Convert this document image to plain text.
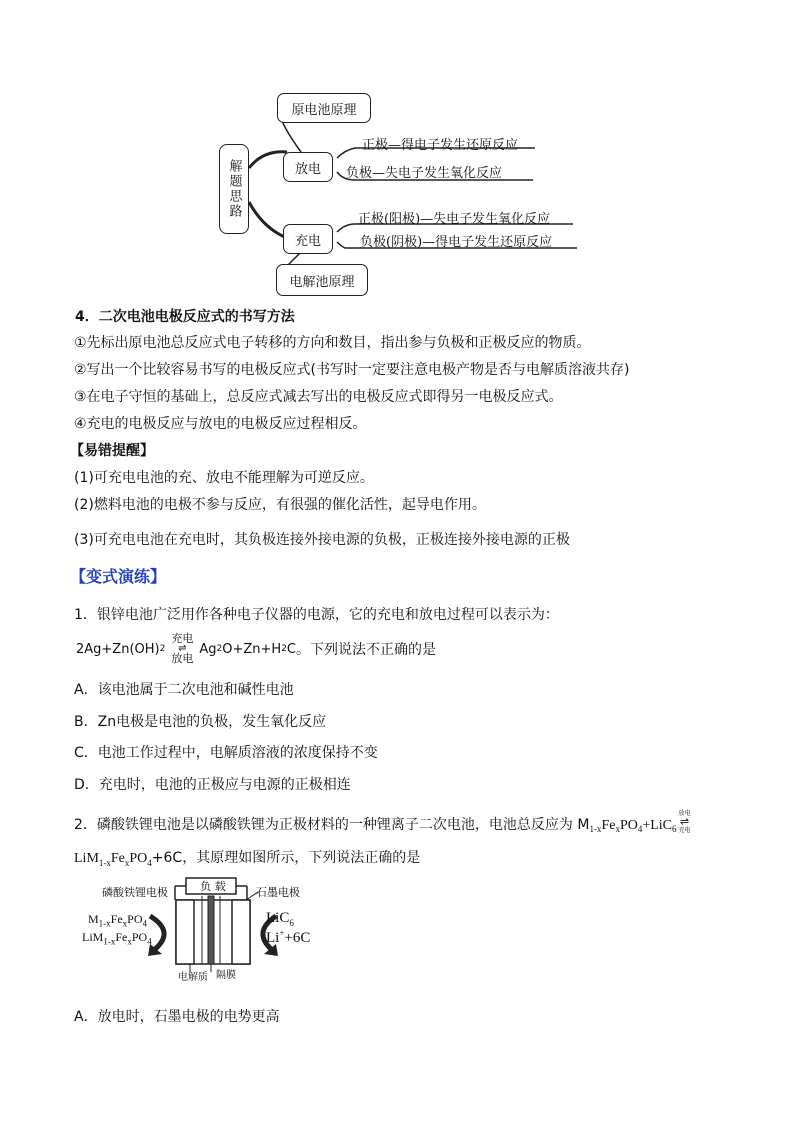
解题思路
原电池原理
放电
充电
电解池原理
正极—得电子发生还原反应
负极—失电子发生氧化反应
正极(阳极)—失电子发生氧化反应
负极(阴极)—得电子发生还原反应
4．二次电池电极反应式的书写方法
①先标出原电池总反应式电子转移的方向和数目，指出参与负极和正极反应的物质。
②写出一个比较容易书写的电极反应式(书写时一定要注意电极产物是否与电解质溶液共存)
③在电子守恒的基础上，总反应式减去写出的电极反应式即得另一电极反应式。
④充电的电极反应与放电的电极反应过程相反。
【易错提醒】
(1)可充电电池的充、放电不能理解为可逆反应。
(2)燃料电池的电极不参与反应，有很强的催化活性，起导电作用。
(3)可充电电池在充电时，其负极连接外接电源的负极，正极连接外接电源的正极
【变式演练】
1．银锌电池广泛用作各种电子仪器的电源，它的充电和放电过程可以表示为：
2Ag+Zn(OH) 2
充电
⇌
放电
Ag 2 O+Zn+H 2 C 。下列说法不正确的是
A．该电池属于二次电池和碱性电池
B．Zn电极是电池的负极，发生氧化反应
C．电池工作过程中，电解质溶液的浓度保持不变
D．充电时，电池的正极应与电源的正极相连
2．磷酸铁锂电池是以磷酸铁锂为正极材料的一种锂离子二次电池，电池总反应为 $M_{1-x}$ $Fe_x$ $PO_4 +LiC_6$
放电
⇌
充电
$LiM_{1-x}Fe_xPO_4+6C$，其原理如图所示，下列说法正确的是
负 载
磷酸铁锂电极	石墨电极
$M_{1-x}Fe_xPO_4$
$LiM_{1-x}Fe_xPO_4$
LiC$_6$
Li++6C
电解质 隔膜
A．放电时，石墨电极的电势更高
